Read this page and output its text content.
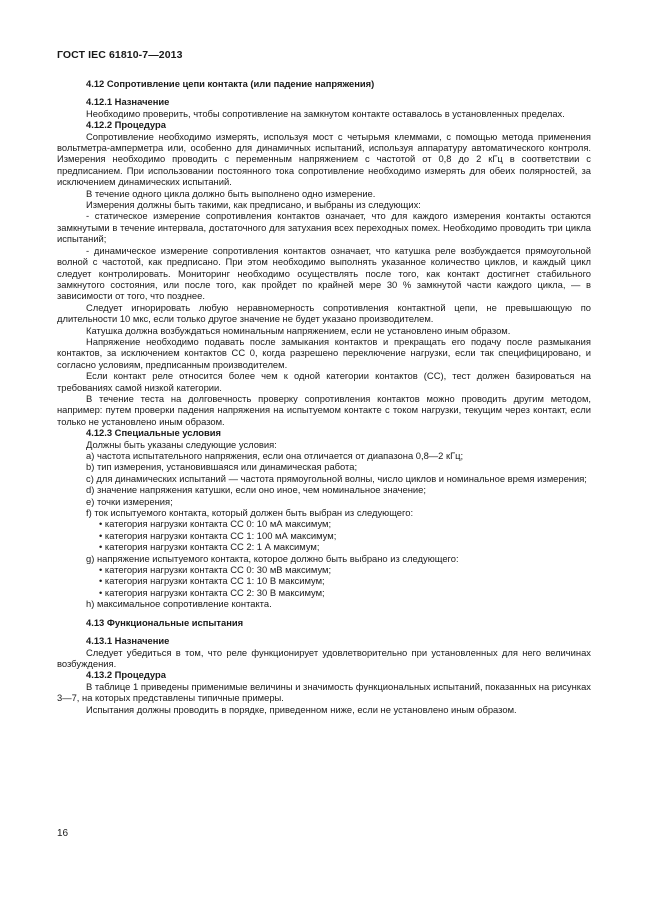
ГОСТ IEC 61810-7—2013

4.12 Сопротивление цепи контакта (или падение напряжения)

4.12.1 Назначение

Необходимо проверить, чтобы сопротивление на замкнутом контакте оставалось в установленных пределах.

4.12.2 Процедура

Сопротивление необходимо измерять, используя мост с четырьмя клеммами, с помощью метода применения вольтметра-амперметра или, особенно для динамичных испытаний, используя аппаратуру автоматического контроля. Измерения необходимо проводить с переменным напряжением с частотой от 0,8 до 2 кГц в соответствии с предписанием. При использовании постоянного тока сопротивление необходимо измерять для обеих полярностей, за исключением динамических испытаний.

В течение одного цикла должно быть выполнено одно измерение.

Измерения должны быть такими, как предписано, и выбраны из следующих:

- статическое измерение сопротивления контактов означает, что для каждого измерения контакты остаются замкнутыми в течение интервала, достаточного для затухания всех переходных помех. Необходимо проводить три цикла испытаний;

- динамическое измерение сопротивления контактов означает, что катушка реле возбуждается прямоугольной волной с частотой, как предписано. При этом необходимо выполнять указанное количество циклов, и каждый цикл следует контролировать. Мониторинг необходимо осуществлять после того, как контакт достигнет стабильного замкнутого состояния, или после того, как пройдет по крайней мере 30 % замкнутой части каждого цикла, — в зависимости от того, что позднее.

Следует игнорировать любую неравномерность сопротивления контактной цепи, не превышающую по длительности 10 мкс, если только другое значение не будет указано производителем.

Катушка должна возбуждаться номинальным напряжением, если не установлено иным образом.

Напряжение необходимо подавать после замыкания контактов и прекращать его подачу после размыкания контактов, за исключением контактов СС 0, когда разрешено переключение нагрузки, если так специфицировано, и согласно условиям, предписанным производителем.

Если контакт реле относится более чем к одной категории контактов (СС), тест должен базироваться на требованиях самой низкой категории.

В течение теста на долговечность проверку сопротивления контактов можно проводить другим методом, например: путем проверки падения напряжения на испытуемом контакте с током нагрузки, текущим через контакт, если только не установлено иным образом.

4.12.3 Специальные условия

Должны быть указаны следующие условия:

a) частота испытательного напряжения, если она отличается от диапазона 0,8—2 кГц;

b) тип измерения, установившаяся или динамическая работа;

c) для динамических испытаний — частота прямоугольной волны, число циклов и номинальное время измерения;

d) значение напряжения катушки, если оно иное, чем номинальное значение;

e) точки измерения;

f) ток испытуемого контакта, который должен быть выбран из следующего:

• категория нагрузки контакта СС 0: 10 мА максимум;

• категория нагрузки контакта СС 1: 100 мА максимум;

• категория нагрузки контакта СС 2: 1 А максимум;

g) напряжение испытуемого контакта, которое должно быть выбрано из следующего:

• категория нагрузки контакта СС 0: 30 мВ максимум;

• категория нагрузки контакта СС 1: 10 В максимум;

• категория нагрузки контакта СС 2: 30 В максимум;

h) максимальное сопротивление контакта.

4.13 Функциональные испытания

4.13.1 Назначение

Следует убедиться в том, что реле функционирует удовлетворительно при установленных для него величинах возбуждения.

4.13.2 Процедура

В таблице 1 приведены применимые величины и значимость функциональных испытаний, показанных на рисунках 3—7, на которых представлены типичные примеры.

Испытания должны проводить в порядке, приведенном ниже, если не установлено иным образом.

16
